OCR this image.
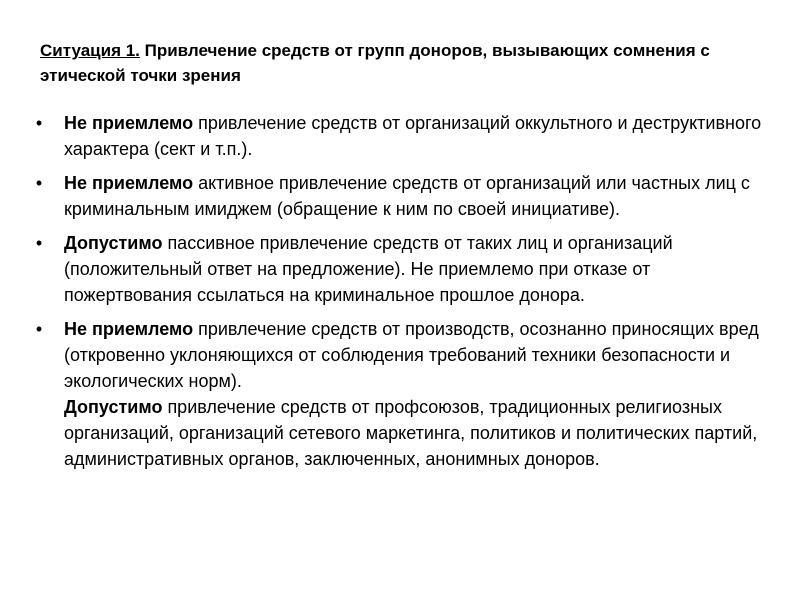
Ситуация 1. Привлечение средств от групп доноров, вызывающих сомнения с этической точки зрения
• Не приемлемо привлечение средств от организаций оккультного и деструктивного характера (сект и т.п.).
• Не приемлемо активное привлечение средств от организаций или частных лиц с криминальным имиджем (обращение к ним по своей инициативе).
• Допустимо пассивное привлечение средств от таких лиц и организаций (положительный ответ на предложение). Не приемлемо при отказе от пожертвования ссылаться на криминальное прошлое донора.
• Не приемлемо привлечение средств от производств, осознанно приносящих вред (откровенно уклоняющихся от соблюдения требований техники безопасности и экологических норм).
Допустимо привлечение средств от профсоюзов, традиционных религиозных организаций, организаций сетевого маркетинга, политиков и политических партий, административных органов, заключенных, анонимных доноров.
